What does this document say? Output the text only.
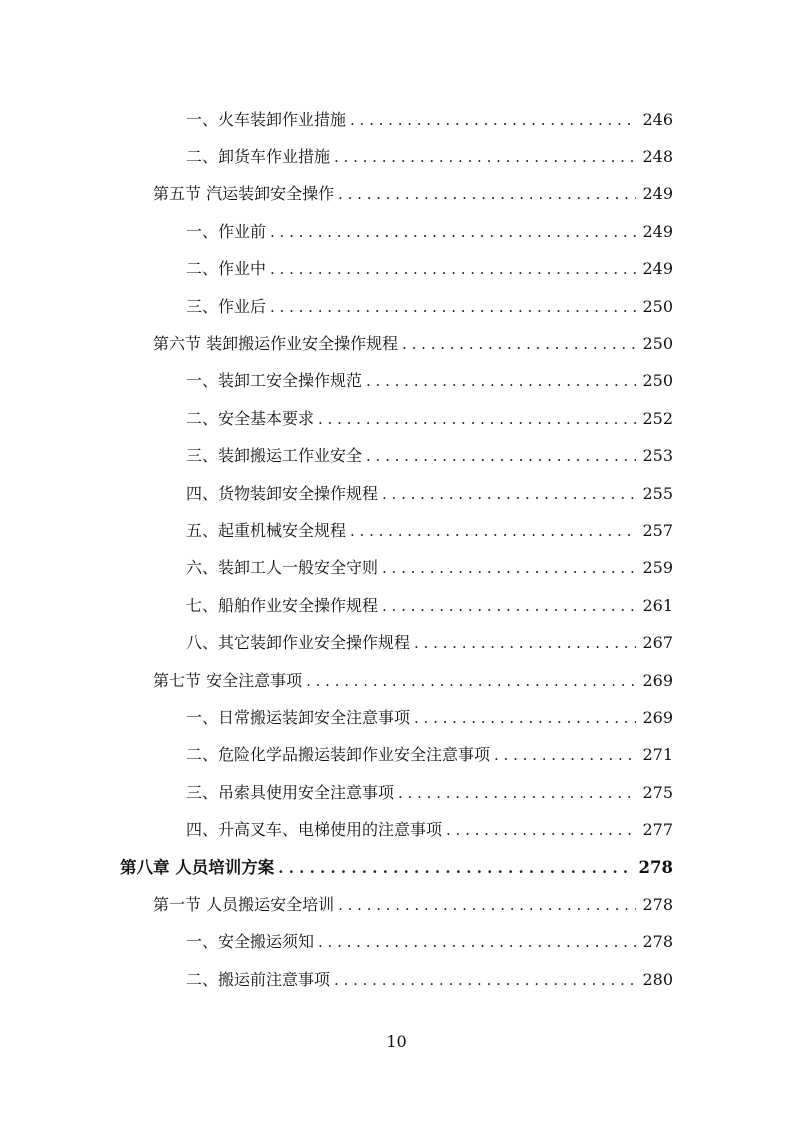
一、火车装卸作业措施 . . .	246
二、卸货车作业措施 . . .	248
第五节 汽运装卸安全操作 . . .	249
一、作业前 . . .	249
二、作业中 . . .	249
三、作业后 . . .	250
第六节 装卸搬运作业安全操作规程 . . .	250
一、装卸工安全操作规范 . . .	250
二、安全基本要求 . . .	252
三、装卸搬运工作业安全 . . .	253
四、货物装卸安全操作规程 . . .	255
五、起重机械安全规程 . . .	257
六、装卸工人一般安全守则 . . .	259
七、船舶作业安全操作规程 . . .	261
八、其它装卸作业安全操作规程 . . .	267
第七节 安全注意事项 . . .	269
一、日常搬运装卸安全注意事项 . . .	269
二、危险化学品搬运装卸作业安全注意事项 . . .	271
三、吊索具使用安全注意事项 . . .	275
四、升高叉车、电梯使用的注意事项 . . .	277
第八章 人员培训方案 . . .	278
第一节 人员搬运安全培训 . . .	278
一、安全搬运须知 . . .	278
二、搬运前注意事项 . . .	280
10
